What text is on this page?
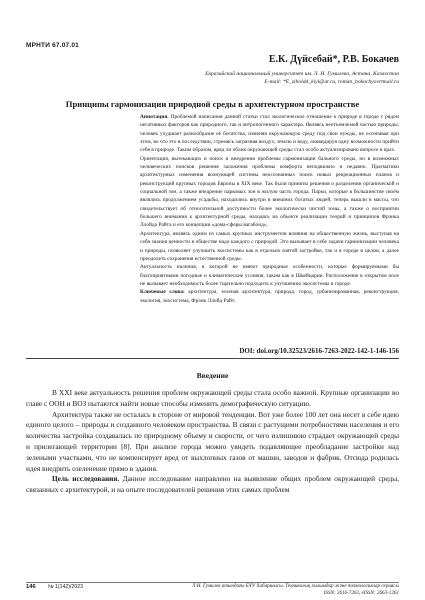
МРНТИ 67.07.01
Е.К. Дүйсебай*, Р.В. Бокачев
Евразийский национальный университет им. Л. Н. Гумилева, Астана, Казахстан
E-mail: *E_ziboldd_kiyl@at.ru, roman_bokachyovrtmail.ru
Принципы гармонизации природной среды в архитектурном пространстве

Аннотация. Проблемой написания данной статьи стал экологическое отношение к природе в городе с рядом негативных факторов как природного, так и антропогенного характера. Являясь неотъемлемой частью природы, человек ухудшает разнообразие её богатства, изменяя окружающую среду под свои нужды, не осознавая при этом, во что это в последствии, стремясь загрязняя воздух, землю и воду, ликвидируя одну возможности прийти себя в природе. Таким образом, вряд ли облик окружающей среды стал особо актуализировано вопросе в крах.

Ориентация, вытекающих в поиск и внедрения проблемы гармонизации бального среды, но в возможных человеческих поисков решения заложения проблемы комфорта неподвижно и недавно. Прагматики архитектурных изменения волнующей системы неосознанных поиск новых рекреационных планов и реконструкций крупных городов Европы в XIX веке. Так были приняты решения о разделении органической и социальной зон, а также внедрение парковых зон в жилую часть города. Парки, которые в большинстве своём являлись продолжением усадьбы, находились внутри в внешних богатых людей, теперь вышли в массы, что свидетельствует об относительной доступности более экологически чистой зоны, а также о восприятии большего внимания к архитектурной среды, находясь на объекте реализации теорий и принципов Фрэнка Ллойда Райта и его концепции «дома-сферы вагабонд».

Архитектура, являясь одним из самых крупных инструментов влияния на общественную жизнь, выступая на себя знания ценности в обществе надо каждого с природой. Это вызывает в себе задачи гармонизации человека и природы, позволяет улучшить экосистемы как в отдельно взятой застройке, так и в городе в целом, а далее преодолеть сохранения естественной среды.

Актуальность наличия, в которой не имеют природные особенности, которые формируемыми бы благоприятными погодные и климатические условия, таким как в Швейцарии. Расположение в открытом поле не вызывает необходимость более тщательно подходить к улучшению экосистемы в городе.

Ключевые слова: архитектура, зеленая архитектура, природа, город, урбанизированная, реконструкция, экология, экосистема, Фрэнк Ллойд Райт.

DOI: doi.org/10.32523/2616-7263-2022-142-1-146-156
Введение

В XXI веке актуальность решения проблем окружающей среды стала особо важной. Крупные организации во главе с ООН и ВОЗ пытаются найти новые способы изменить демографическую ситуацию.

Архитектура также не осталась в стороне от мировой тенденции. Вот уже более 100 лет она несет в себе идею единого целого – природы и созданного человеком пространства. В связи с растущими потребностями населения и его количества застройка создавалась по природному объему и скорости, от чего излишнюю страдает окружающей среды и прилегающей территории [8]. При анализе города можно увидеть подавляющее преобладание застройки над зелеными участками, что не компенсирует вред от выхлопных газов от машин, заводов и фабрик. Отсюда родилась идея внедрить озеленение прямо в здания.

Цель исследования. Данное исследование направлено на выявление общих проблем окружающей среды, связанных с архитектурой, и на опыте последователей решения этих самых проблем

146 № 1(142)/2023	Л.Н. Гумилев атындағы ЕҰУ Хабаршысы. Техникалық ғылымдар және технологиялар сериясы
ISSN: 2616-7263, eISSN: 2663-1261
